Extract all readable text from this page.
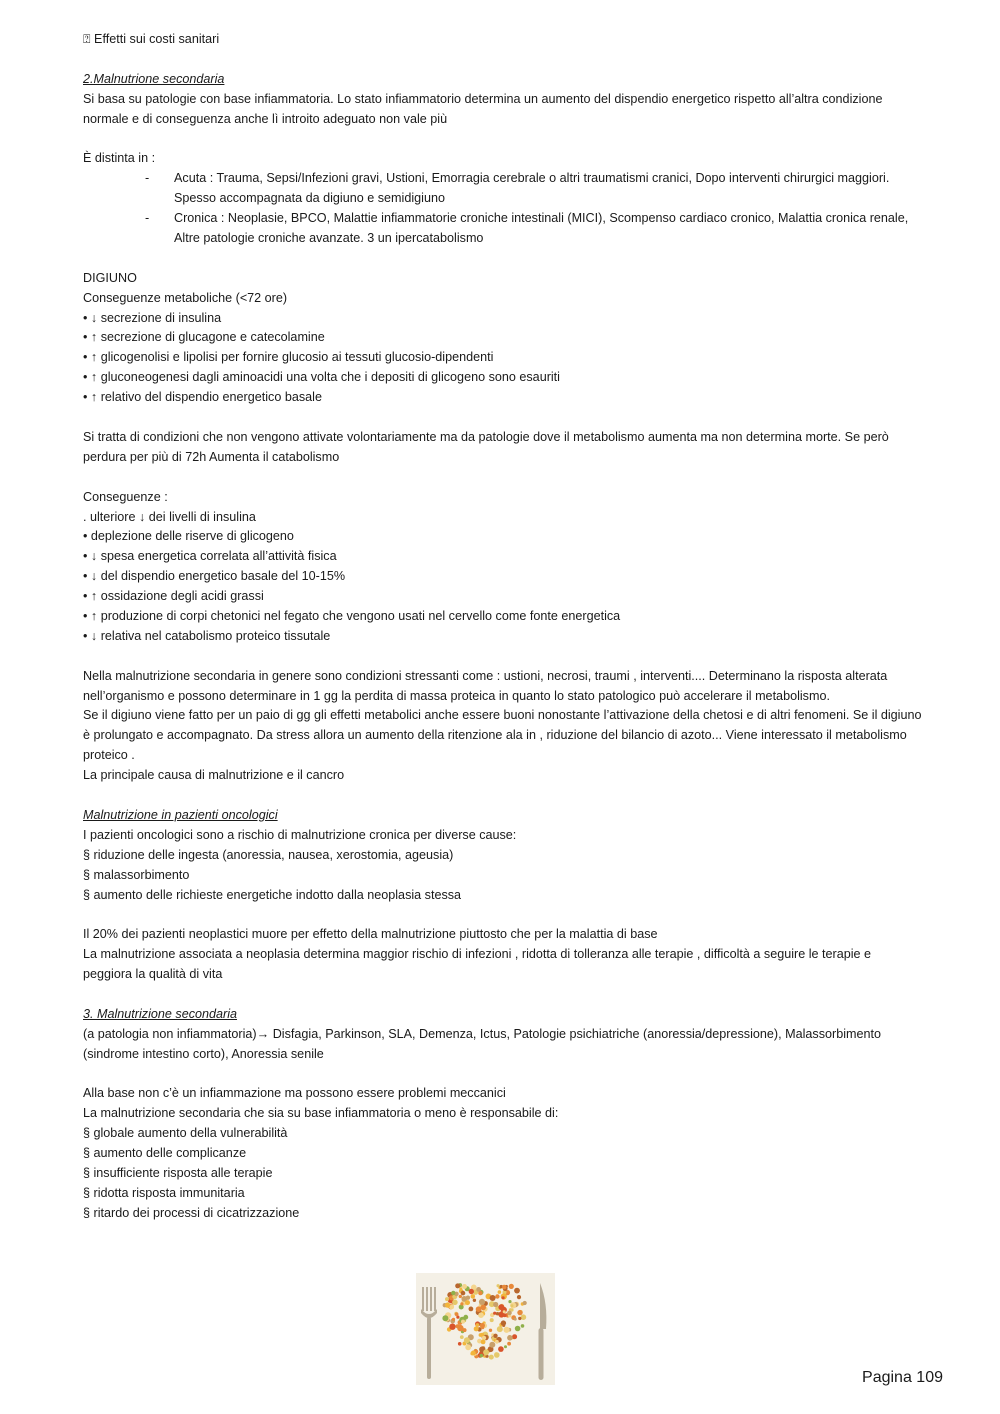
⍰ Effetti sui costi sanitari
2.Malnutrione secondaria
Si basa su patologie con base infiammatoria. Lo stato infiammatorio determina un aumento del dispendio energetico rispetto all’altra condizione normale e di conseguenza anche lì introito adeguato non vale più
È distinta in :
- Acuta : Trauma, Sepsi/Infezioni gravi, Ustioni, Emorragia cerebrale o altri traumatismi cranici, Dopo interventi chirurgici maggiori. Spesso accompagnata da digiuno e semidigiuno
- Cronica : Neoplasie, BPCO, Malattie infiammatorie croniche intestinali (MICI), Scompenso cardiaco cronico, Malattia cronica renale, Altre patologie croniche avanzate. 3 un ipercatabolismo
DIGIUNO
Conseguenze metaboliche (<72 ore)
• ↓ secrezione di insulina
• ↑ secrezione di glucagone e catecolamine
• ↑ glicogenolisi e lipolisi per fornire glucosio ai tessuti glucosio-dipendenti
• ↑ gluconeogenesi dagli aminoacidi una volta che i depositi di glicogeno sono esauriti
• ↑ relativo del dispendio energetico basale
Si tratta di condizioni che non vengono attivate volontariamente ma da patologie dove il metabolismo aumenta ma non determina morte. Se però perdura per più di 72h Aumenta il catabolismo
Conseguenze :
. ulteriore ↓ dei livelli di insulina
• deplezione delle riserve di glicogeno
• ↓ spesa energetica correlata all’attività fisica
• ↓ del dispendio energetico basale del 10-15%
• ↑ ossidazione degli acidi grassi
• ↑ produzione di corpi chetonici nel fegato che vengono usati nel cervello come fonte energetica
• ↓ relativa nel catabolismo proteico tissutale
Nella malnutrizione secondaria in genere sono condizioni stressanti come : ustioni, necrosi, traumi , interventi.... Determinano la risposta alterata nell’organismo e possono determinare in 1 gg la perdita di massa proteica in quanto lo stato patologico può accelerare il metabolismo.
Se il digiuno viene fatto per un paio di gg gli effetti metabolici anche essere buoni nonostante l’attivazione della chetosi e di altri fenomeni. Se il digiuno è prolungato e accompagnato. Da stress allora un aumento della ritenzione ala in , riduzione del bilancio di azoto... Viene interessato il metabolismo proteico .
La principale causa di malnutrizione e il cancro
Malnutrizione in pazienti oncologici
I pazienti oncologici sono a rischio di malnutrizione cronica per diverse cause:
§ riduzione delle ingesta (anoressia, nausea, xerostomia, ageusia)
§ malassorbimento
§ aumento delle richieste energetiche indotto dalla neoplasia stessa
Il 20% dei pazienti neoplastici muore per effetto della malnutrizione piuttosto che per la malattia di base
La malnutrizione associata a neoplasia determina maggior rischio di infezioni , ridotta di tolleranza alle terapie , difficoltà a seguire le terapie e peggiora la qualità di vita
3. Malnutrizione secondaria
(a patologia non infiammatoria)→ Disfagia, Parkinson, SLA, Demenza, Ictus, Patologie psichiatriche (anoressia/depressione), Malassorbimento (sindrome intestino corto), Anoressia senile
Alla base non c’è un infiammazione ma possono essere problemi meccanici
La malnutrizione secondaria che sia su base infiammatoria o meno è responsabile di:
§ globale aumento della vulnerabilità
§ aumento delle complicanze
§ insufficiente risposta alle terapie
§ ridotta risposta immunitaria
§ ritardo dei processi di cicatrizzazione
Pagina 109
